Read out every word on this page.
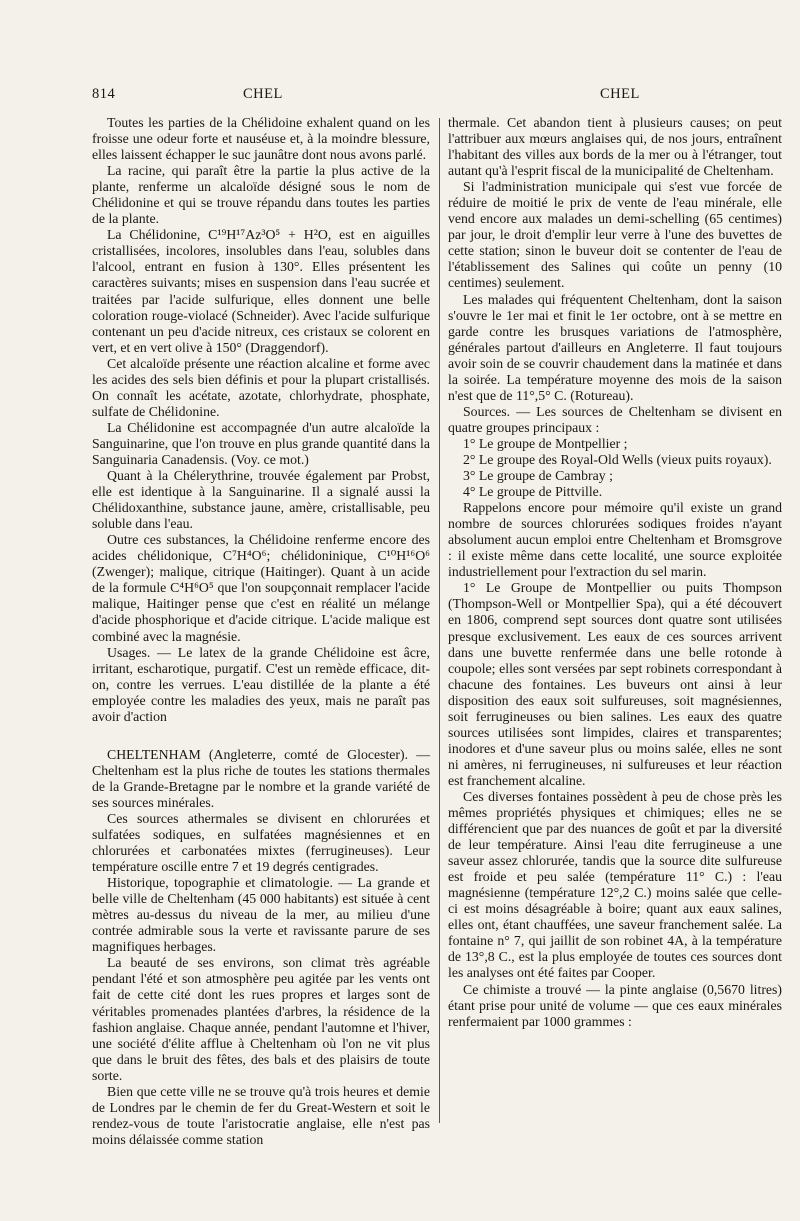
814	CHEL	CHEL

Toutes les parties de la Chélidoine exhalent quand on les froisse une odeur forte et nauséuse et, à la moindre blessure, elles laissent échapper le suc jaunâtre dont nous avons parlé.

La racine, qui paraît être la partie la plus active de la plante, renferme un alcaloïde désigné sous le nom de Chélidonine et qui se trouve répandu dans toutes les parties de la plante.

La Chélidonine, C¹⁹H¹⁷Az³O⁵ + H²O, est en aiguilles cristallisées, incolores, insolubles dans l'eau, solubles dans l'alcool, entrant en fusion à 130°. Elles présentent les caractères suivants; mises en suspension dans l'eau sucrée et traitées par l'acide sulfurique, elles donnent une belle coloration rouge-violacé (Schneider). Avec l'acide sulfurique contenant un peu d'acide nitreux, ces cristaux se colorent en vert, et en vert olive à 150° (Draggendorf).

Cet alcaloïde présente une réaction alcaline et forme avec les acides des sels bien définis et pour la plupart cristallisés. On connaît les acétate, azotate, chlorhydrate, phosphate, sulfate de Chélidonine.

La Chélidonine est accompagnée d'un autre alcaloïde la Sanguinarine, que l'on trouve en plus grande quantité dans la Sanguinaria Canadensis. (Voy. ce mot.)

Quant à la Chélerythrine, trouvée également par Probst, elle est identique à la Sanguinarine. Il a signalé aussi la Chélidoxanthine, substance jaune, amère, cristallisable, peu soluble dans l'eau.

Outre ces substances, la Chélidoine renferme encore des acides chélidonique, C⁷H⁴O⁶; chélidoninique, C¹⁰H¹⁶O⁶ (Zwenger); malique, citrique (Haitinger). Quant à un acide de la formule C⁴H⁶O⁵ que l'on soupçonnait remplacer l'acide malique, Haitinger pense que c'est en réalité un mélange d'acide phosphorique et d'acide citrique. L'acide malique est combiné avec la magnésie.

Usages. — Le latex de la grande Chélidoine est âcre, irritant, escharotique, purgatif. C'est un remède efficace, dit-on, contre les verrues. L'eau distillée de la plante a été employée contre les maladies des yeux, mais ne paraît pas avoir d'action

CHELTENHAM (Angleterre, comté de Glocester). — Cheltenham est la plus riche de toutes les stations thermales de la Grande-Bretagne par le nombre et la grande variété de ses sources minérales.

Ces sources athermales se divisent en chlorurées et sulfatées sodiques, en sulfatées magnésiennes et en chlorurées et carbonatées mixtes (ferrugineuses). Leur température oscille entre 7 et 19 degrés centigrades.

Historique, topographie et climatologie. — La grande et belle ville de Cheltenham (45 000 habitants) est située à cent mètres au-dessus du niveau de la mer, au milieu d'une contrée admirable sous la verte et ravissante parure de ses magnifiques herbages.

La beauté de ses environs, son climat très agréable pendant l'été et son atmosphère peu agitée par les vents ont fait de cette cité dont les rues propres et larges sont de véritables promenades plantées d'arbres, la résidence de la fashion anglaise. Chaque année, pendant l'automne et l'hiver, une société d'élite afflue à Cheltenham où l'on ne vit plus que dans le bruit des fêtes, des bals et des plaisirs de toute sorte.

Bien que cette ville ne se trouve qu'à trois heures et demie de Londres par le chemin de fer du Great-Western et soit le rendez-vous de toute l'aristocratie anglaise, elle n'est pas moins délaissée comme station

thermale. Cet abandon tient à plusieurs causes; on peut l'attribuer aux mœurs anglaises qui, de nos jours, entraînent l'habitant des villes aux bords de la mer ou à l'étranger, tout autant qu'à l'esprit fiscal de la municipalité de Cheltenham.

Si l'administration municipale qui s'est vue forcée de réduire de moitié le prix de vente de l'eau minérale, elle vend encore aux malades un demi-schelling (65 centimes) par jour, le droit d'emplir leur verre à l'une des buvettes de cette station; sinon le buveur doit se contenter de l'eau de l'établissement des Salines qui coûte un penny (10 centimes) seulement.

Les malades qui fréquentent Cheltenham, dont la saison s'ouvre le 1er mai et finit le 1er octobre, ont à se mettre en garde contre les brusques variations de l'atmosphère, générales partout d'ailleurs en Angleterre. Il faut toujours avoir soin de se couvrir chaudement dans la matinée et dans la soirée. La température moyenne des mois de la saison n'est que de 11°,5° C. (Rotureau).

Sources. — Les sources de Cheltenham se divisent en quatre groupes principaux :

1° Le groupe de Montpellier ;

2° Le groupe des Royal-Old Wells (vieux puits royaux).

3° Le groupe de Cambray ;

4° Le groupe de Pittville.

Rappelons encore pour mémoire qu'il existe un grand nombre de sources chlorurées sodiques froides n'ayant absolument aucun emploi entre Cheltenham et Bromsgrove : il existe même dans cette localité, une source exploitée industriellement pour l'extraction du sel marin.

1° Le Groupe de Montpellier ou puits Thompson (Thompson-Well or Montpellier Spa), qui a été découvert en 1806, comprend sept sources dont quatre sont utilisées presque exclusivement. Les eaux de ces sources arrivent dans une buvette renfermée dans une belle rotonde à coupole; elles sont versées par sept robinets correspondant à chacune des fontaines. Les buveurs ont ainsi à leur disposition des eaux soit sulfureuses, soit magnésiennes, soit ferrugineuses ou bien salines. Les eaux des quatre sources utilisées sont limpides, claires et transparentes; inodores et d'une saveur plus ou moins salée, elles ne sont ni amères, ni ferrugineuses, ni sulfureuses et leur réaction est franchement alcaline.

Ces diverses fontaines possèdent à peu de chose près les mêmes propriétés physiques et chimiques; elles ne se différencient que par des nuances de goût et par la diversité de leur température. Ainsi l'eau dite ferrugineuse a une saveur assez chlorurée, tandis que la source dite sulfureuse est froide et peu salée (température 11° C.) : l'eau magnésienne (température 12°,2 C.) moins salée que celle-ci est moins désagréable à boire; quant aux eaux salines, elles ont, étant chauffées, une saveur franchement salée. La fontaine n° 7, qui jaillit de son robinet 4A, à la température de 13°,8 C., est la plus employée de toutes ces sources dont les analyses ont été faites par Cooper.

Ce chimiste a trouvé — la pinte anglaise (0,5670 litres) étant prise pour unité de volume — que ces eaux minérales renfermaient par 1000 grammes :
